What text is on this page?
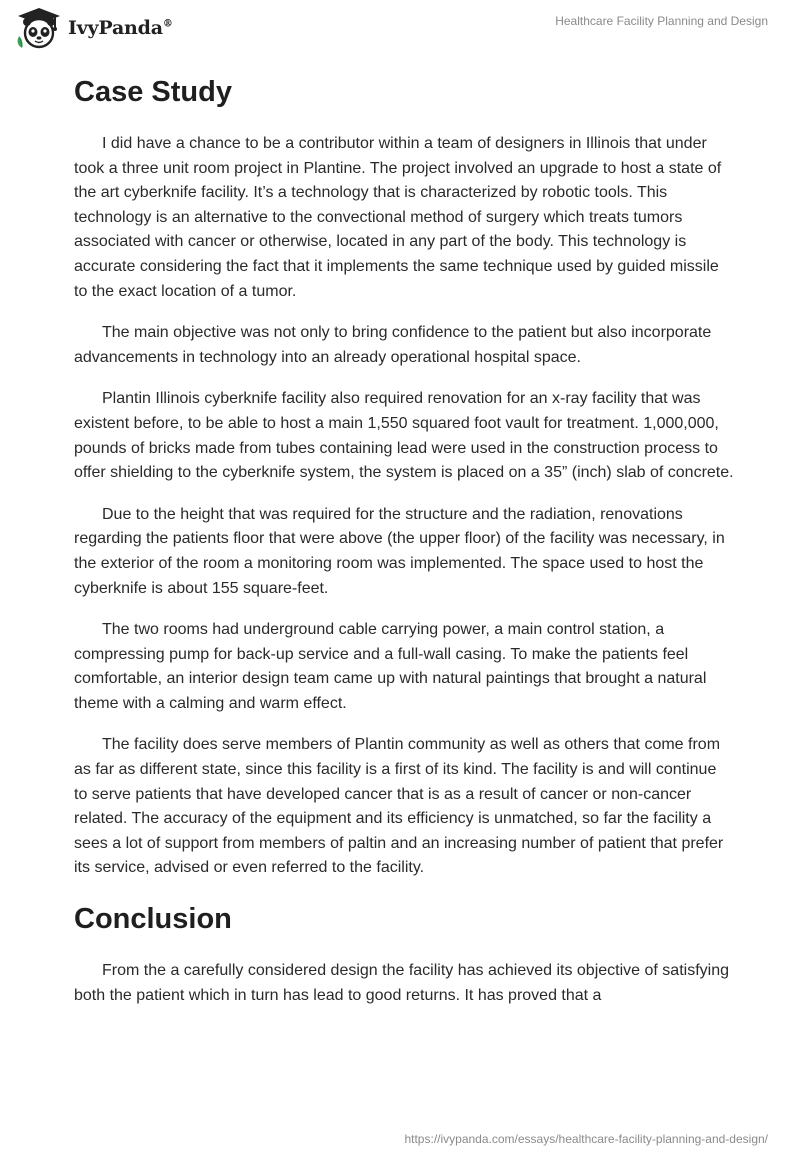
IvyPanda®	Healthcare Facility Planning and Design
Case Study

I did have a chance to be a contributor within a team of designers in Illinois that under took a three unit room project in Plantine. The project involved an upgrade to host a state of the art cyberknife facility. It’s a technology that is characterized by robotic tools. This technology is an alternative to the convectional method of surgery which treats tumors associated with cancer or otherwise, located in any part of the body. This technology is accurate considering the fact that it implements the same technique used by guided missile to the exact location of a tumor.

The main objective was not only to bring confidence to the patient but also incorporate advancements in technology into an already operational hospital space.

Plantin Illinois cyberknife facility also required renovation for an x-ray facility that was existent before, to be able to host a main 1,550 squared foot vault for treatment. 1,000,000, pounds of bricks made from tubes containing lead were used in the construction process to offer shielding to the cyberknife system, the system is placed on a 35” (inch) slab of concrete.

Due to the height that was required for the structure and the radiation, renovations regarding the patients floor that were above (the upper floor) of the facility was necessary, in the exterior of the room a monitoring room was implemented. The space used to host the cyberknife is about 155 square-feet.

The two rooms had underground cable carrying power, a main control station, a compressing pump for back-up service and a full-wall casing. To make the patients feel comfortable, an interior design team came up with natural paintings that brought a natural theme with a calming and warm effect.

The facility does serve members of Plantin community as well as others that come from as far as different state, since this facility is a first of its kind. The facility is and will continue to serve patients that have developed cancer that is as a result of cancer or non-cancer related. The accuracy of the equipment and its efficiency is unmatched, so far the facility a sees a lot of support from members of paltin and an increasing number of patient that prefer its service, advised or even referred to the facility.

Conclusion

From the a carefully considered design the facility has achieved its objective of satisfying both the patient which in turn has lead to good returns. It has proved that a

https://ivypanda.com/essays/healthcare-facility-planning-and-design/
